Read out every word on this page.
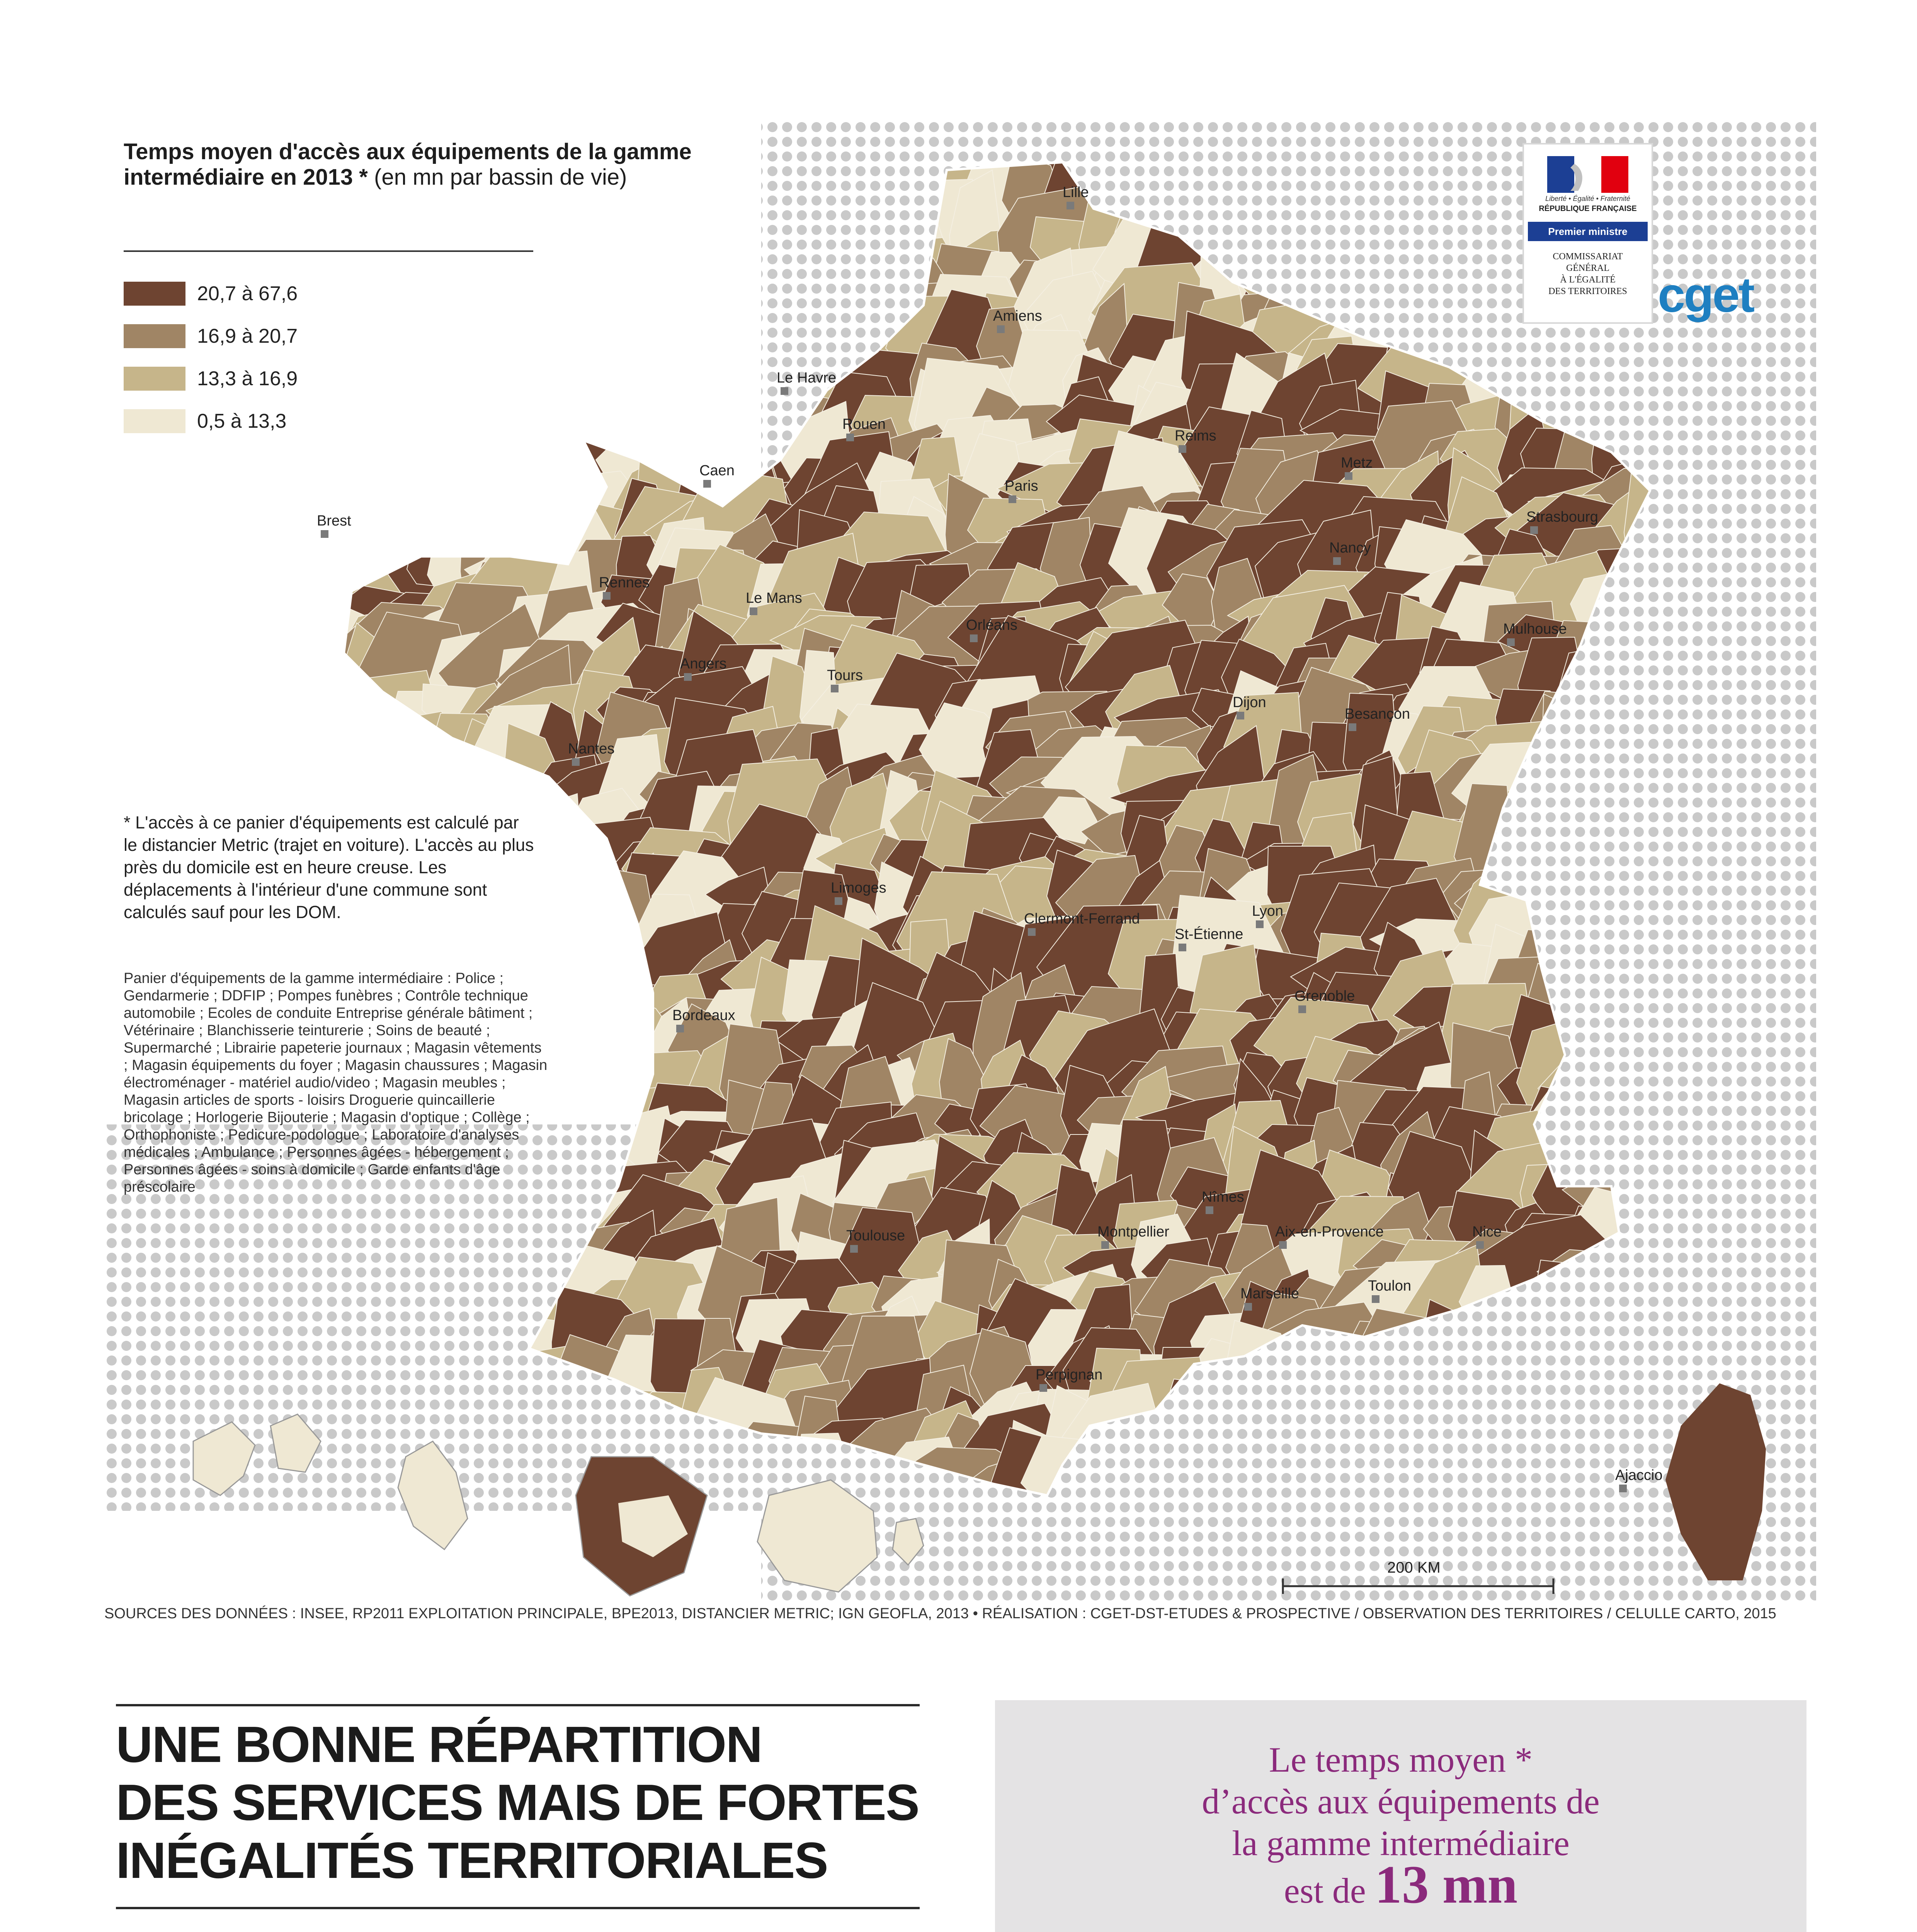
Lille
Amiens
Le Havre
Rouen
Reims
Metz
Caen
Paris
Strasbourg
Brest
Nancy
Rennes
Le Mans
Orléans	Mulhouse
Angers
Tours
Dijon
Besançon
Nantes
Limoges
Lyon
Clermont-Ferrand
St-Étienne
Grenoble
Bordeaux
Nîmes
Nice
Toulouse	Montpellier	Aix-en-Provence
Marseille	Toulon
Perpignan
Ajaccio
200 KM
Temps moyen d'accès aux équipements de la gamme intermédiaire en 2013 * (en mn par bassin de vie)
20,7 à 67,6
16,9 à 20,7
13,3 à 16,9
0,5 à 13,3
* L'accès à ce panier d'équipements est calculé par le distancier Metric (trajet en voiture). L'accès au plus près du domicile est en heure creuse. Les déplacements à l'intérieur d'une commune sont calculés sauf pour les DOM.
Panier d'équipements de la gamme intermédiaire : Police ; Gendarmerie ; DDFIP ; Pompes funèbres ; Contrôle technique automobile ; Ecoles de conduite Entreprise générale bâtiment ; Vétérinaire ; Blanchisserie teinturerie ; Soins de beauté ; Supermarché ; Librairie papeterie journaux ; Magasin vêtements ; Magasin équipements du foyer ; Magasin chaussures ; Magasin électroménager - matériel audio/video ; Magasin meubles ; Magasin articles de sports - loisirs Droguerie quincaillerie bricolage ; Horlogerie Bijouterie ; Magasin d'optique ; Collège ; Orthophoniste ; Pedicure-podologue ; Laboratoire d'analyses médicales ; Ambulance ; Personnes âgées - hébergement ; Personnes âgées - soins à domicile ; Garde enfants d'âge préscolaire
Liberté • Égalité • Fraternité
RÉPUBLIQUE FRANÇAISE
Premier ministre
COMMISSARIAT
GÉNÉRAL
À L'ÉGALITÉ
DES TERRITOIRES cget
SOURCES DES DONNÉES : INSEE, RP2011 EXPLOITATION PRINCIPALE, BPE2013, DISTANCIER METRIC; IGN GEOFLA, 2013 • RÉALISATION : CGET-DST-ETUDES & PROSPECTIVE / OBSERVATION DES TERRITOIRES / CELULLE CARTO, 2015
UNE BONNE RÉPARTITION
DES SERVICES MAIS DE FORTES
INÉGALITÉS TERRITORIALES
Le temps moyen *
d’accès aux équipements de
la gamme intermédiaire
est de 13 mn
